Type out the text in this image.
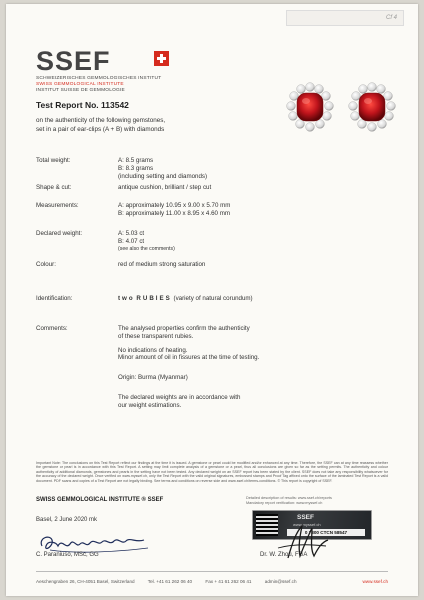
Cf 4
SSEF
SCHWEIZERISCHES GEMMOLOGISCHES INSTITUT
SWISS GEMMOLOGICAL INSTITUTE
INSTITUT SUISSE DE GEMMOLOGIE
Test Report No. 113542
on the authenticity of the following gemstones,
set in a pair of ear-clips (A + B) with diamonds
Total weight:	A: 8.5 grams
B: 8.3 grams
(including setting and diamonds)
Shape & cut:	antique cushion, brilliant / step cut
Measurements:	A: approximately 10.95 x 9.00 x 5.70 mm
B: approximately 11.00 x 8.95 x 4.60 mm
Declared weight:	A: 5.03 ct
B: 4.07 ct
(see also the comments)
Colour:	red of medium strong saturation
Identification:	two RUBIES (variety of natural corundum)
Comments:	The analysed properties confirm the authenticity
of these transparent rubies.
No indications of heating.
Minor amount of oil in fissures at the time of testing.
Origin: Burma (Myanmar)
The declared weights are in accordance with
our weight estimations.
Important Note: The conclusions on this Test Report reflect our findings at the time it is issued. A gemstone or pearl could be modified and/or enhanced at any time. Therefore, the SSEF can at any time reassess whether the gemstone or pearl is in accordance with this Test Report. A setting may limit complete analysis of a gemstone or a pearl, thus all conclusions are given so far as the setting permits. The authenticity and colour authenticity of additional diamonds, gemstones and pearls in the setting have not been tested. Any declared weight on an SSEF report has been stated by the client. SSEF does not take any responsibility whatsoever for the accuracy of the declared weight. Once verified on www.myssef.ch, only the Test Report with the valid original signatures, embossed stamps and Proof Tag affixed onto the surface of the laminated Test Report is a valid document. PDF scans and copies of a Test Report are not legally binding. See terms and conditions on reverse side and www.ssef.ch/terms-conditions. © This report is copyright of SSEF.
SWISS GEMMOLOGICAL INSTITUTE ® SSEF
Basel, 2 June 2020 mk
Detailed description of results: www.ssef.ch/reports
Mandatory report verification: www.myssef.ch
SSEF
www.myssef.ch
0 7800 CTCN 58547
C. Paraniuso, MSc, GG	Dr. W. Zhou, FGA
Aeschengraben 26, CH-4051 Basel, Switzerland	Tel. +41 61 262 06 40	Fax + 41 61 262 06 41	admin@ssef.ch	www.ssef.ch
